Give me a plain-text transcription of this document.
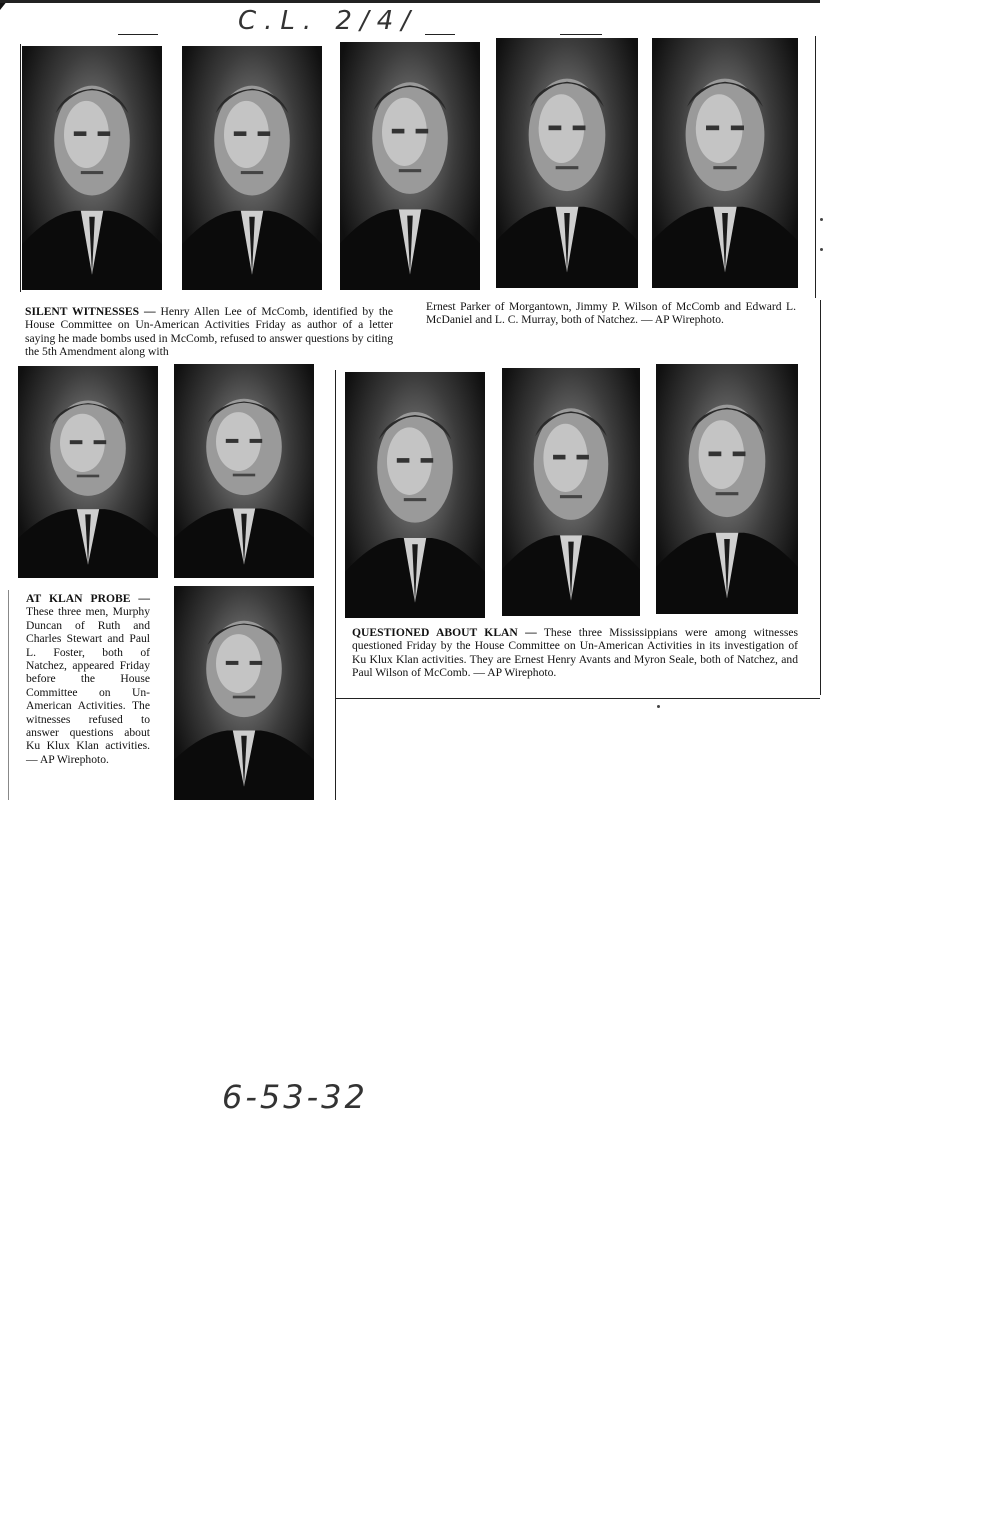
C.L. 2/4/

SILENT WITNESSES — Henry Allen Lee of McComb, identified by the House Committee on Un-American Activities Friday as author of a letter saying he made bombs used in McComb, refused to answer questions by citing the 5th Amendment along with

Ernest Parker of Morgantown, Jimmy P. Wilson of McComb and Edward L. McDaniel and L. C. Murray, both of Natchez. — AP Wirephoto.

AT KLAN PROBE — These three men, Murphy Duncan of Ruth and Charles Stewart and Paul L. Foster, both of Natchez, appeared Friday before the House Committee on Un-American Activities. The witnesses refused to answer questions about Ku Klux Klan activities. — AP Wirephoto.

QUESTIONED ABOUT KLAN — These three Mississippians were among witnesses questioned Friday by the House Committee on Un-American Activities in its investigation of Ku Klux Klan activities. They are Ernest Henry Avants and Myron Seale, both of Natchez, and Paul Wilson of McComb. — AP Wirephoto.

6-53-32
